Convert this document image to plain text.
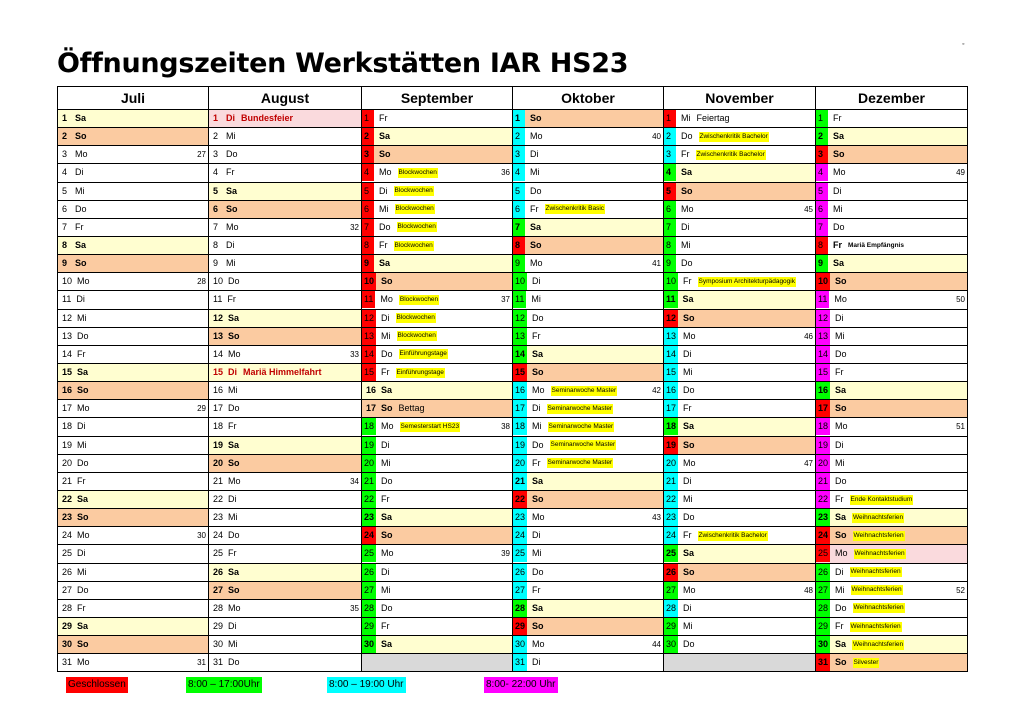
Öffnungszeiten Werkstätten IAR HS23
◦
Juli	August	September	Oktober	November	Dezember

1 Sa	1 Di Bundesfeier	1 Fr	1 So	1 Mi Feiertag	1 Fr

2 So	2 Mi	2 Sa	2 Mo 40	2 Do Zwischenkritik Bachelor	2 Sa

3 Mo 27	3 Do	3 So	3 Di	3 Fr Zwischenkritik Bachelor	3 So

4 Di	4 Fr	4 Mo Blockwochen 36	4 Mi	4 Sa	4 Mo 49

5 Mi	5 Sa	5 Di Blockwochen	5 Do	5 So	5 Di

6 Do	6 So	6 Mi Blockwochen	6 Fr Zwischenkritik Basic	6 Mo 45	6 Mi

7 Fr	7 Mo 32	7 Do Blockwochen	7 Sa	7 Di	7 Do

8 Sa	8 Di	8 Fr Blockwochen	8 So	8 Mi	8 Fr Mariä Empfängnis

9 So	9 Mi	9 Sa	9 Mo 41	9 Do	9 Sa

10 Mo 28	10 Do	10 So	10 Di	10 Fr Symposium Architekturpädagogik	10 So

11 Di	11 Fr	11 Mo Blockwochen 37	11 Mi	11 Sa	11 Mo 50

12 Mi	12 Sa	12 Di Blockwochen	12 Do	12 So	12 Di

13 Do	13 So	13 Mi Blockwochen	13 Fr	13 Mo 46	13 Mi

14 Fr	14 Mo 33	14 Do Einführungstage	14 Sa	14 Di	14 Do

15 Sa	15 Di Mariä Himmelfahrt	15 Fr Einführungstage	15 So	15 Mi	15 Fr

16 So	16 Mi	16 Sa	16 Mo Seminarwoche Master 42	16 Do	16 Sa

17 Mo 29	17 Do	17 So Bettag	17 Di Seminarwoche Master	17 Fr	17 So

18 Di	18 Fr	18 Mo Semesterstart HS23 38	18 Mi Seminarwoche Master	18 Sa	18 Mo 51

19 Mi	19 Sa	19 Di	19 Do Seminarwoche Master	19 So	19 Di

20 Do	20 So	20 Mi	20 Fr Seminarwoche Master	20 Mo 47	20 Mi

21 Fr	21 Mo 34	21 Do	21 Sa	21 Di	21 Do

22 Sa	22 Di	22 Fr	22 So	22 Mi	22 Fr Ende Kontaktstudium

23 So	23 Mi	23 Sa	23 Mo 43	23 Do	23 Sa Weihnachtsferien

24 Mo 30	24 Do	24 So	24 Di	24 Fr Zwischenkritik Bachelor	24 So Weihnachtsferien

25 Di	25 Fr	25 Mo 39	25 Mi	25 Sa	25 Mo Weihnachtsferien

26 Mi	26 Sa	26 Di	26 Do	26 So	26 Di Weihnachtsferien

27 Do	27 So	27 Mi	27 Fr	27 Mo 48	27 Mi Weihnachtsferien 52

28 Fr	28 Mo 35	28 Do	28 Sa	28 Di	28 Do Weihnachtsferien

29 Sa	29 Di	29 Fr	29 So	29 Mi	29 Fr Weihnachtsferien

30 So	30 Mi	30 Sa	30 Mo 44	30 Do	30 Sa Weihnachtsferien

31 Mo 31	31 Do		31 Di		31 So Silvester
Geschlossen	8:00 – 17:00Uhr	8:00 – 19:00 Uhr	8:00- 22:00 Uhr
